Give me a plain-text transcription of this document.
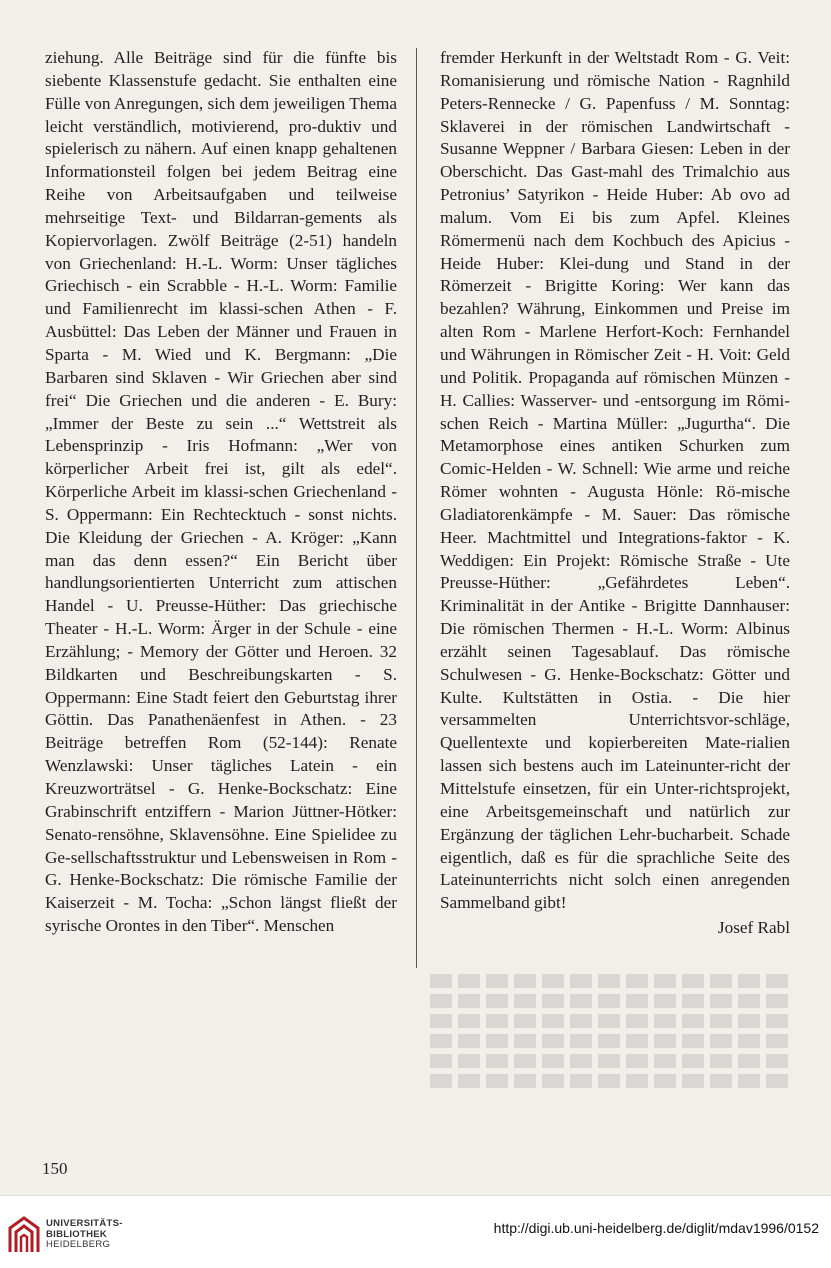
ziehung. Alle Beiträge sind für die fünfte bis siebente Klassenstufe gedacht. Sie enthalten eine Fülle von Anregungen, sich dem jeweiligen Thema leicht verständlich, motivierend, pro-duktiv und spielerisch zu nähern. Auf einen knapp gehaltenen Informationsteil folgen bei jedem Beitrag eine Reihe von Arbeitsaufgaben und teilweise mehrseitige Text- und Bildarran-gements als Kopiervorlagen. Zwölf Beiträge (2-51) handeln von Griechenland: H.-L. Worm: Unser tägliches Griechisch - ein Scrabble - H.-L. Worm: Familie und Familienrecht im klassi-schen Athen - F. Ausbüttel: Das Leben der Männer und Frauen in Sparta - M. Wied und K. Bergmann: „Die Barbaren sind Sklaven - Wir Griechen aber sind frei“ Die Griechen und die anderen - E. Bury: „Immer der Beste zu sein ...“ Wettstreit als Lebensprinzip - Iris Hofmann: „Wer von körperlicher Arbeit frei ist, gilt als edel“. Körperliche Arbeit im klassi-schen Griechenland - S. Oppermann: Ein Rechtecktuch - sonst nichts. Die Kleidung der Griechen - A. Kröger: „Kann man das denn essen?“ Ein Bericht über handlungsorientierten Unterricht zum attischen Handel - U. Preusse-Hüther: Das griechische Theater - H.-L. Worm: Ärger in der Schule - eine Erzählung; - Memory der Götter und Heroen. 32 Bildkarten und Beschreibungskarten - S. Oppermann: Eine Stadt feiert den Geburtstag ihrer Göttin. Das Panathenäenfest in Athen. - 23 Beiträge betreffen Rom (52-144): Renate Wenzlawski: Unser tägliches Latein - ein Kreuzworträtsel - G. Henke-Bockschatz: Eine Grabinschrift entziffern - Marion Jüttner-Hötker: Senato-rensöhne, Sklavensöhne. Eine Spielidee zu Ge-sellschaftsstruktur und Lebensweisen in Rom - G. Henke-Bockschatz: Die römische Familie der Kaiserzeit - M. Tocha: „Schon längst fließt der syrische Orontes in den Tiber“. Menschen

fremder Herkunft in der Weltstadt Rom - G. Veit: Romanisierung und römische Nation - Ragnhild Peters-Rennecke / G. Papenfuss / M. Sonntag: Sklaverei in der römischen Landwirtschaft - Susanne Weppner / Barbara Giesen: Leben in der Oberschicht. Das Gast-mahl des Trimalchio aus Petronius’ Satyrikon - Heide Huber: Ab ovo ad malum. Vom Ei bis zum Apfel. Kleines Römermenü nach dem Kochbuch des Apicius - Heide Huber: Klei-dung und Stand in der Römerzeit - Brigitte Koring: Wer kann das bezahlen? Währung, Einkommen und Preise im alten Rom - Marlene Herfort-Koch: Fernhandel und Währungen in Römischer Zeit - H. Voit: Geld und Politik. Propaganda auf römischen Münzen - H. Callies: Wasserver- und -entsorgung im Römi-schen Reich - Martina Müller: „Jugurtha“. Die Metamorphose eines antiken Schurken zum Comic-Helden - W. Schnell: Wie arme und reiche Römer wohnten - Augusta Hönle: Rö-mische Gladiatorenkämpfe - M. Sauer: Das römische Heer. Machtmittel und Integrations-faktor - K. Weddigen: Ein Projekt: Römische Straße - Ute Preusse-Hüther: „Gefährdetes Leben“. Kriminalität in der Antike - Brigitte Dannhauser: Die römischen Thermen - H.-L. Worm: Albinus erzählt seinen Tagesablauf. Das römische Schulwesen - G. Henke-Bockschatz: Götter und Kulte. Kultstätten in Ostia. - Die hier versammelten Unterrichtsvor-schläge, Quellentexte und kopierbereiten Mate-rialien lassen sich bestens auch im Lateinunter-richt der Mittelstufe einsetzen, für ein Unter-richtsprojekt, eine Arbeitsgemeinschaft und natürlich zur Ergänzung der täglichen Lehr-bucharbeit. Schade eigentlich, daß es für die sprachliche Seite des Lateinunterrichts nicht solch einen anregenden Sammelband gibt!

Josef Rabl

150
UNIVERSITÄTS-
BIBLIOTHEK
HEIDELBERG
http://digi.ub.uni-heidelberg.de/diglit/mdav1996/0152
